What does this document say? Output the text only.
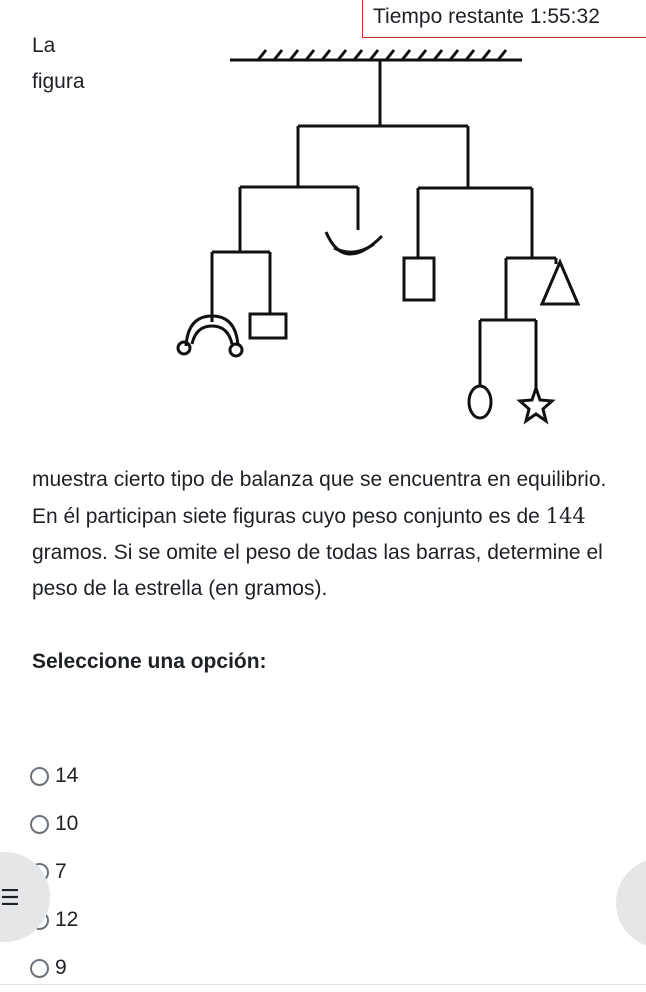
Tiempo restante 1:55:32
La figura
muestra cierto tipo de balanza que se encuentra en equilibrio. En él participan siete figuras cuyo peso conjunto es de 144 gramos. Si se omite el peso de todas las barras, determine el peso de la estrella (en gramos).
Seleccione una opción:
14
10
7
12
9
☰
